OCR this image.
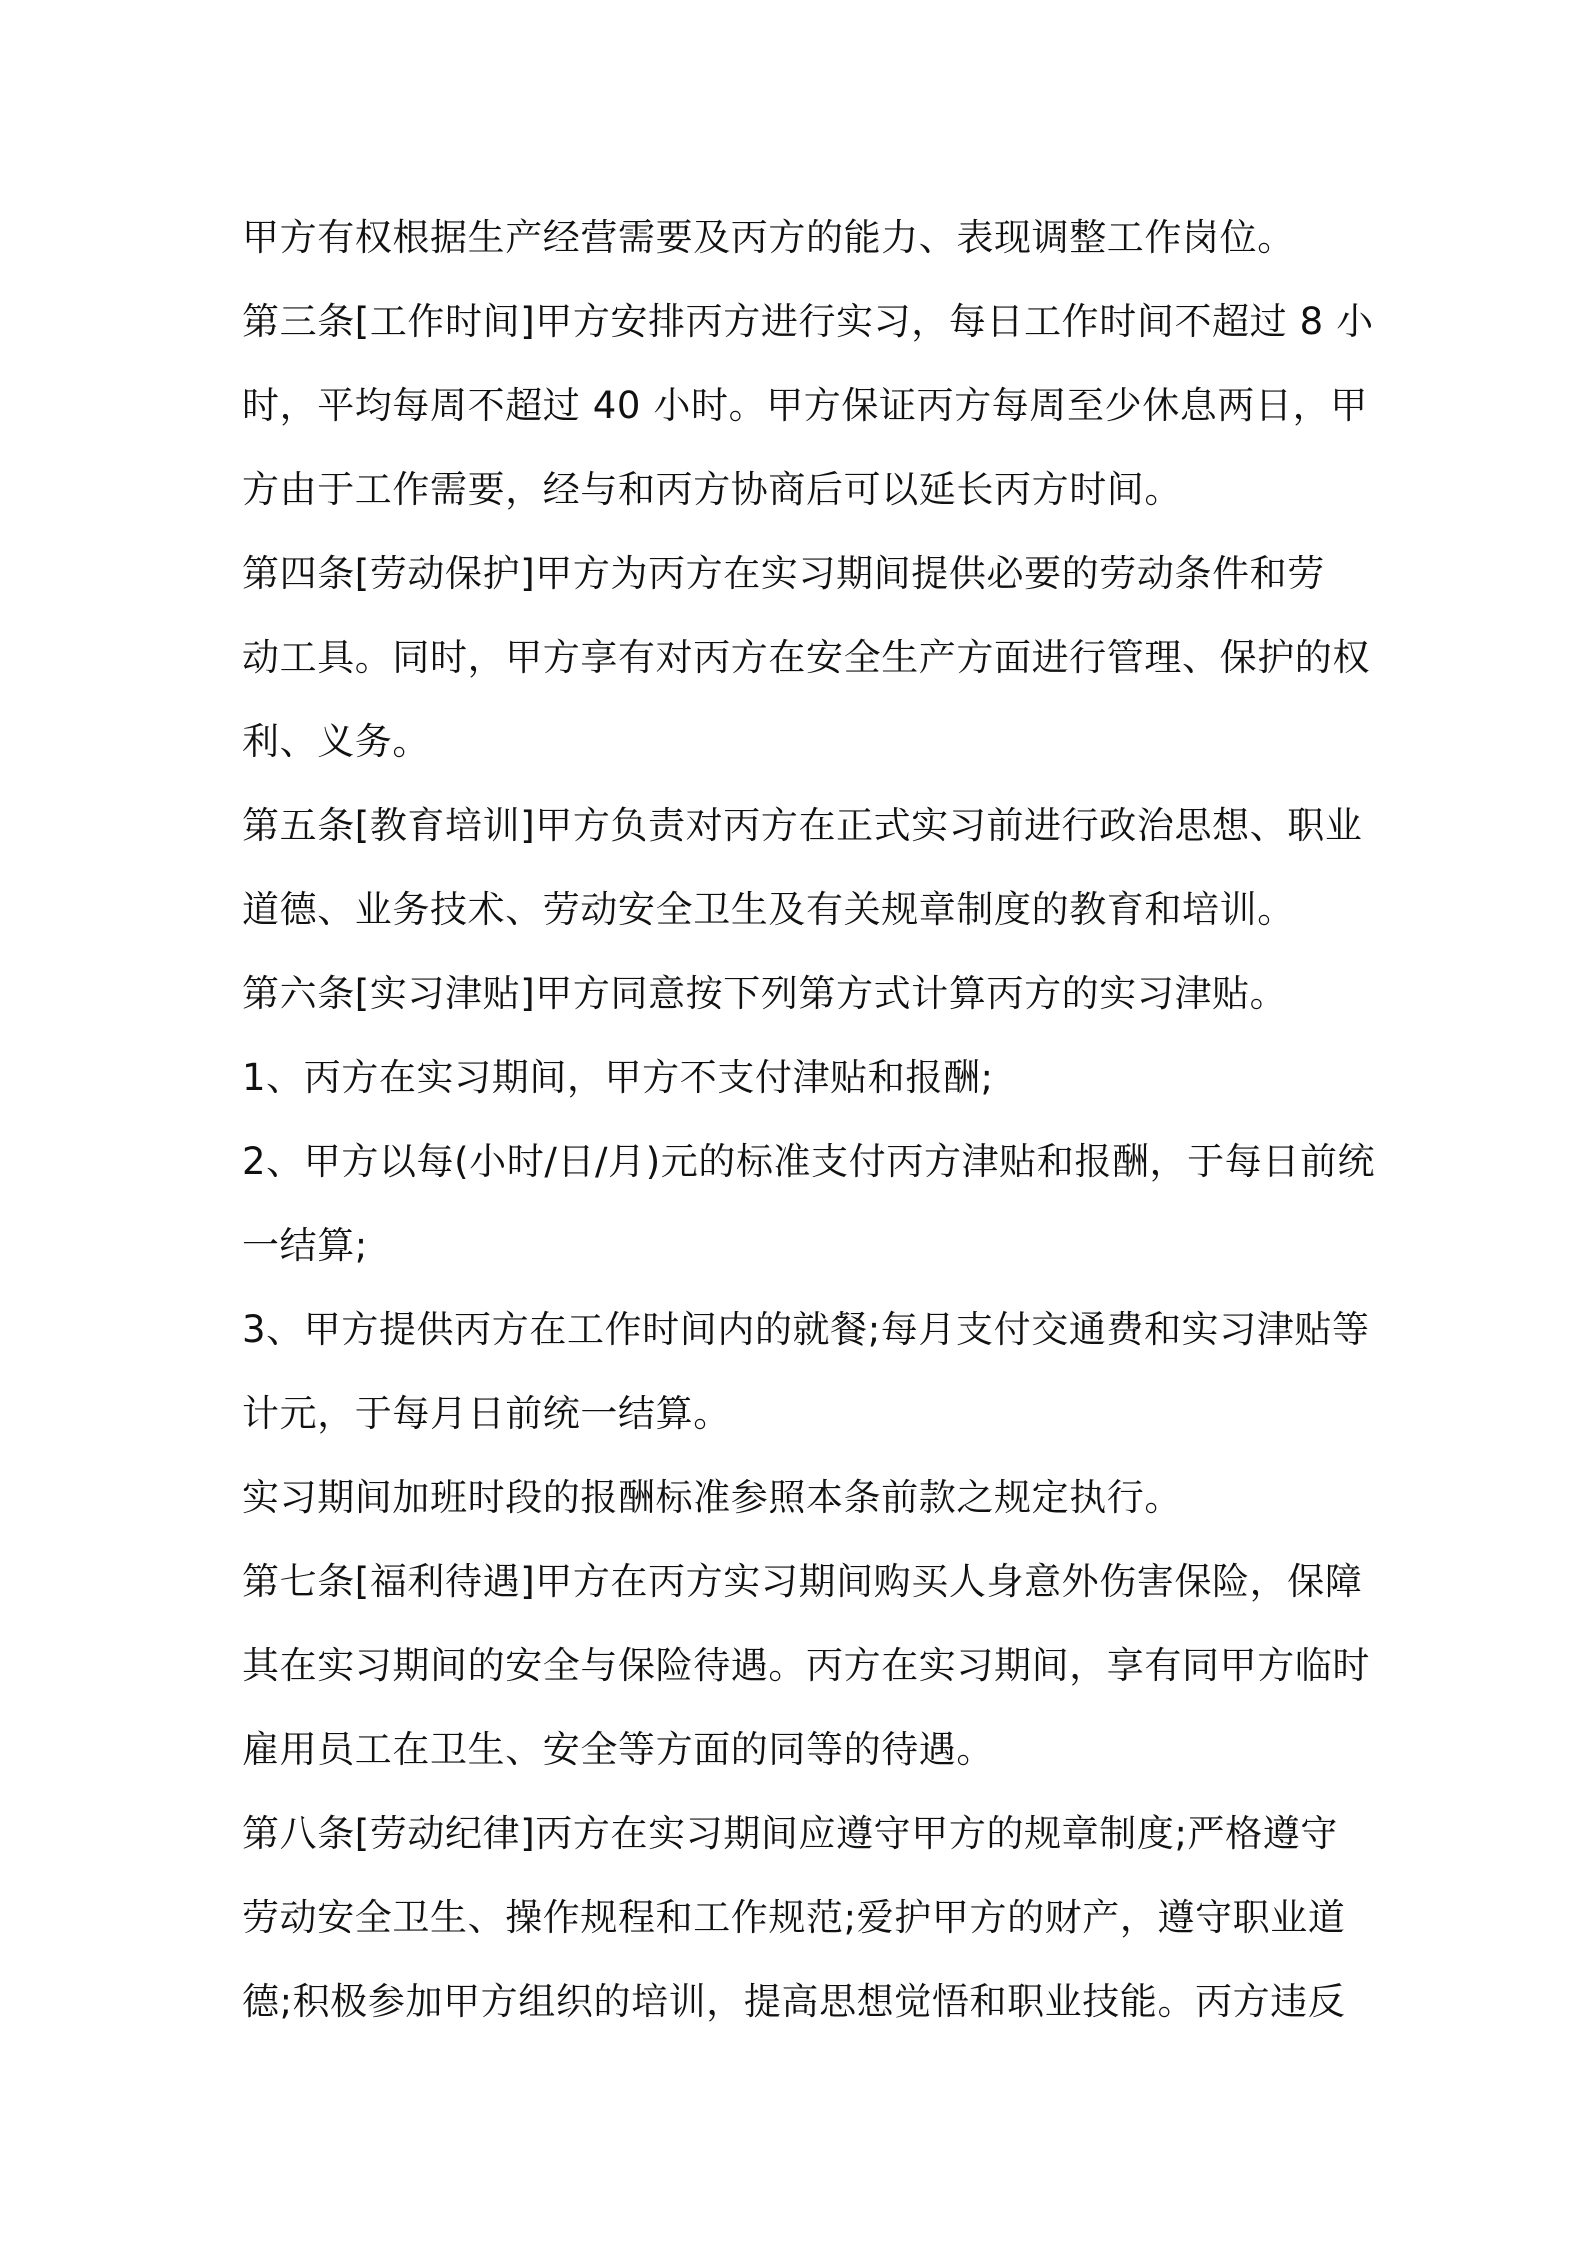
甲方有权根据生产经营需要及丙方的能力、表现调整工作岗位。
第三条[工作时间]甲方安排丙方进行实习，每日工作时间不超过 8 小
时，平均每周不超过 40 小时。甲方保证丙方每周至少休息两日，甲
方由于工作需要，经与和丙方协商后可以延长丙方时间。
第四条[劳动保护]甲方为丙方在实习期间提供必要的劳动条件和劳
动工具。同时，甲方享有对丙方在安全生产方面进行管理、保护的权
利、义务。
第五条[教育培训]甲方负责对丙方在正式实习前进行政治思想、职业
道德、业务技术、劳动安全卫生及有关规章制度的教育和培训。
第六条[实习津贴]甲方同意按下列第方式计算丙方的实习津贴。
1、丙方在实习期间，甲方不支付津贴和报酬;
2、甲方以每(小时/日/月)元的标准支付丙方津贴和报酬，于每日前统
一结算;
3、甲方提供丙方在工作时间内的就餐;每月支付交通费和实习津贴等
计元，于每月日前统一结算。
实习期间加班时段的报酬标准参照本条前款之规定执行。
第七条[福利待遇]甲方在丙方实习期间购买人身意外伤害保险，保障
其在实习期间的安全与保险待遇。丙方在实习期间，享有同甲方临时
雇用员工在卫生、安全等方面的同等的待遇。
第八条[劳动纪律]丙方在实习期间应遵守甲方的规章制度;严格遵守
劳动安全卫生、操作规程和工作规范;爱护甲方的财产，遵守职业道
德;积极参加甲方组织的培训，提高思想觉悟和职业技能。丙方违反
